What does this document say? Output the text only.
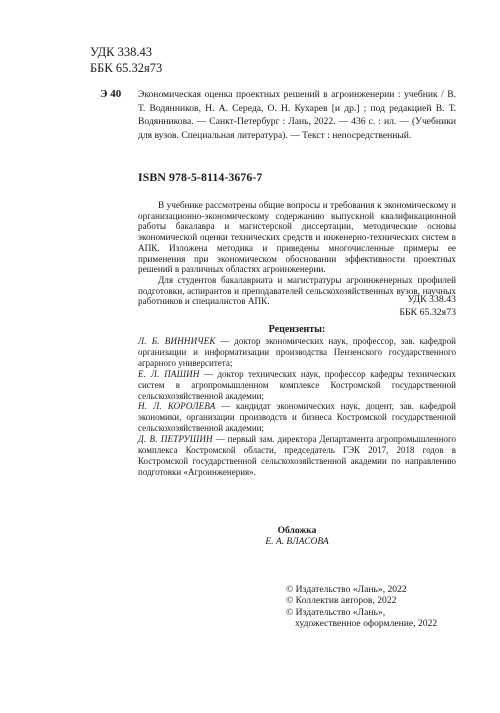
УДК 338.43
ББК 65.32я73
Э 40 Экономическая оценка проектных решений в агроинженерии : учебник / В. Т. Водянников, Н. А. Середа, О. Н. Кухарев [и др.] ; под редакцией В. Т. Водянникова. — Санкт-Петербург : Лань, 2022. — 436 с. : ил. — (Учебники для вузов. Специальная литература). — Текст : непосредственный.

ISBN 978-5-8114-3676-7

В учебнике рассмотрены общие вопросы и требования к экономическому и организационно-экономическому содержанию выпускной квалификационной работы бакалавра и магистерской диссертации, методические основы экономической оценки технических средств и инженерно-технических систем в АПК. Изложена методика и приведены многочисленные примеры ее применения при экономическом обосновании эффективности проектных решений в различных областях агроинженерии.

Для студентов бакалавриата и магистратуры агроинженерных профилей подготовки, аспирантов и преподавателей сельскохозяйственных вузов, научных работников и специалистов АПК.	УДК 338.43
ББК 65.32я73
Рецензенты:

Л. Б. ВИННИЧЕК — доктор экономических наук, профессор, зав. кафедрой организации и информатизации производства Пензенского государственного аграрного университета;

Е. Л. ПАШИН — доктор технических наук, профессор кафедры технических систем в агропромышленном комплексе Костромской государственной сельскохозяйственной академии;

Н. Л. КОРОЛЕВА — кандидат экономических наук, доцент, зав. кафедрой экономики, организации производств и бизнеса Костромской государственной сельскохозяйственной академии;

Д. В. ПЕТРУШИН — первый зам. директора Департамента агропромышленного комплекса Костромской области, председатель ГЭК 2017, 2018 годов в Костромской государственной сельскохозяйственной академии по направлению подготовки «Агроинженерия».

Обложка
Е. А. ВЛАСОВА
© Издательство «Лань», 2022
© Коллектив авторов, 2022
© Издательство «Лань»,
художественное оформление, 2022
